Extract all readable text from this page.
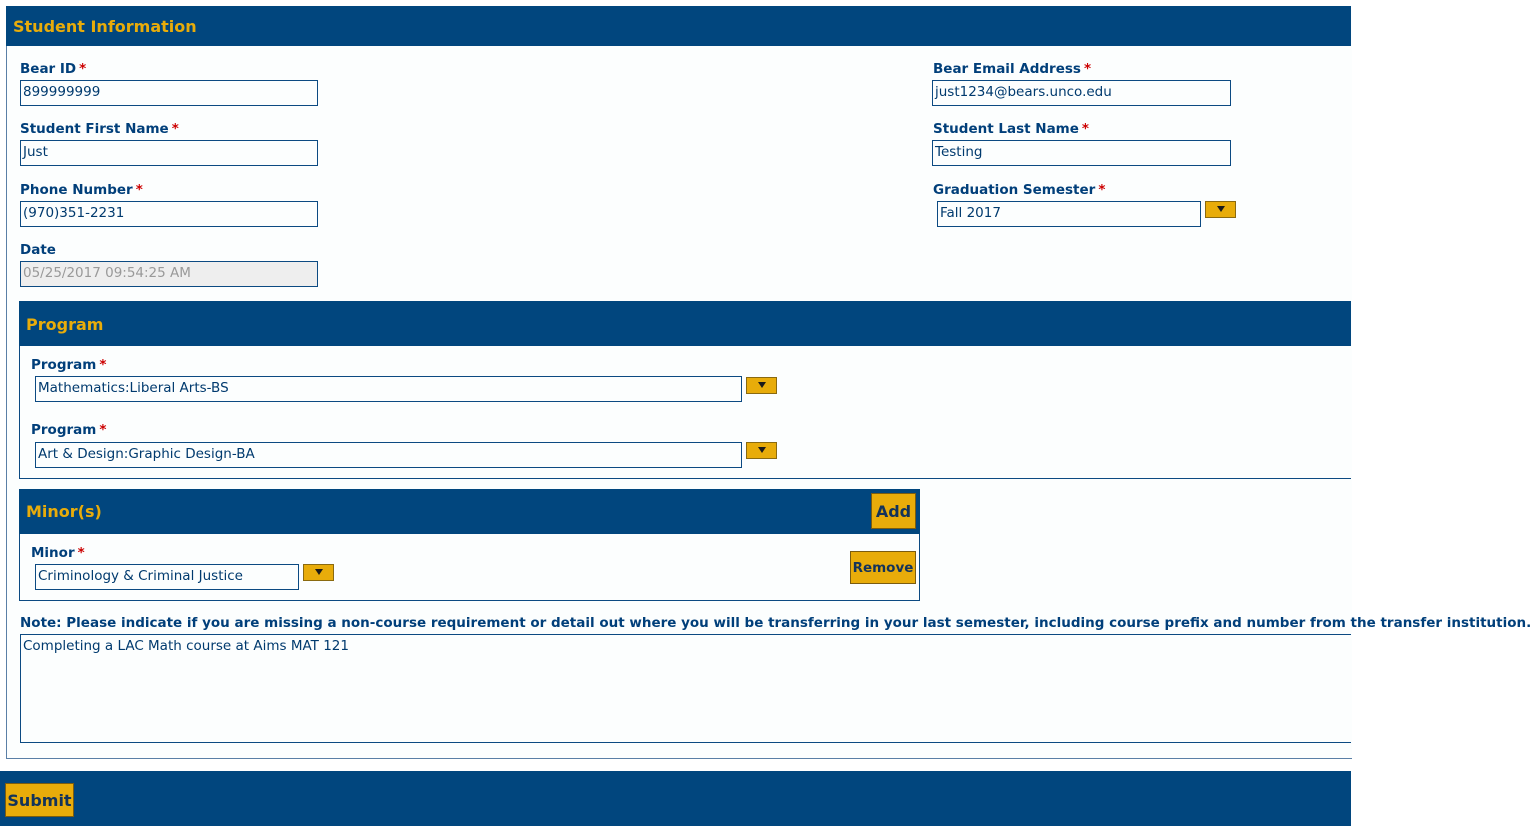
Student Information
Bear ID *
899999999
Student First Name *
Just
Phone Number *
(970)351-2231
Date
05/25/2017 09:54:25 AM
Bear Email Address *
just1234@bears.unco.edu
Student Last Name *
Testing
Graduation Semester *
Fall 2017
Program
Program *
Mathematics:Liberal Arts-BS
Program *
Art & Design:Graphic Design-BA
Minor(s)	Add
Minor *
Criminology & Criminal Justice
Remove
Note: Please indicate if you are missing a non-course requirement or detail out where you will be transferring in your last semester, including course prefix and number from the transfer institution.
Completing a LAC Math course at Aims MAT 121
Submit
